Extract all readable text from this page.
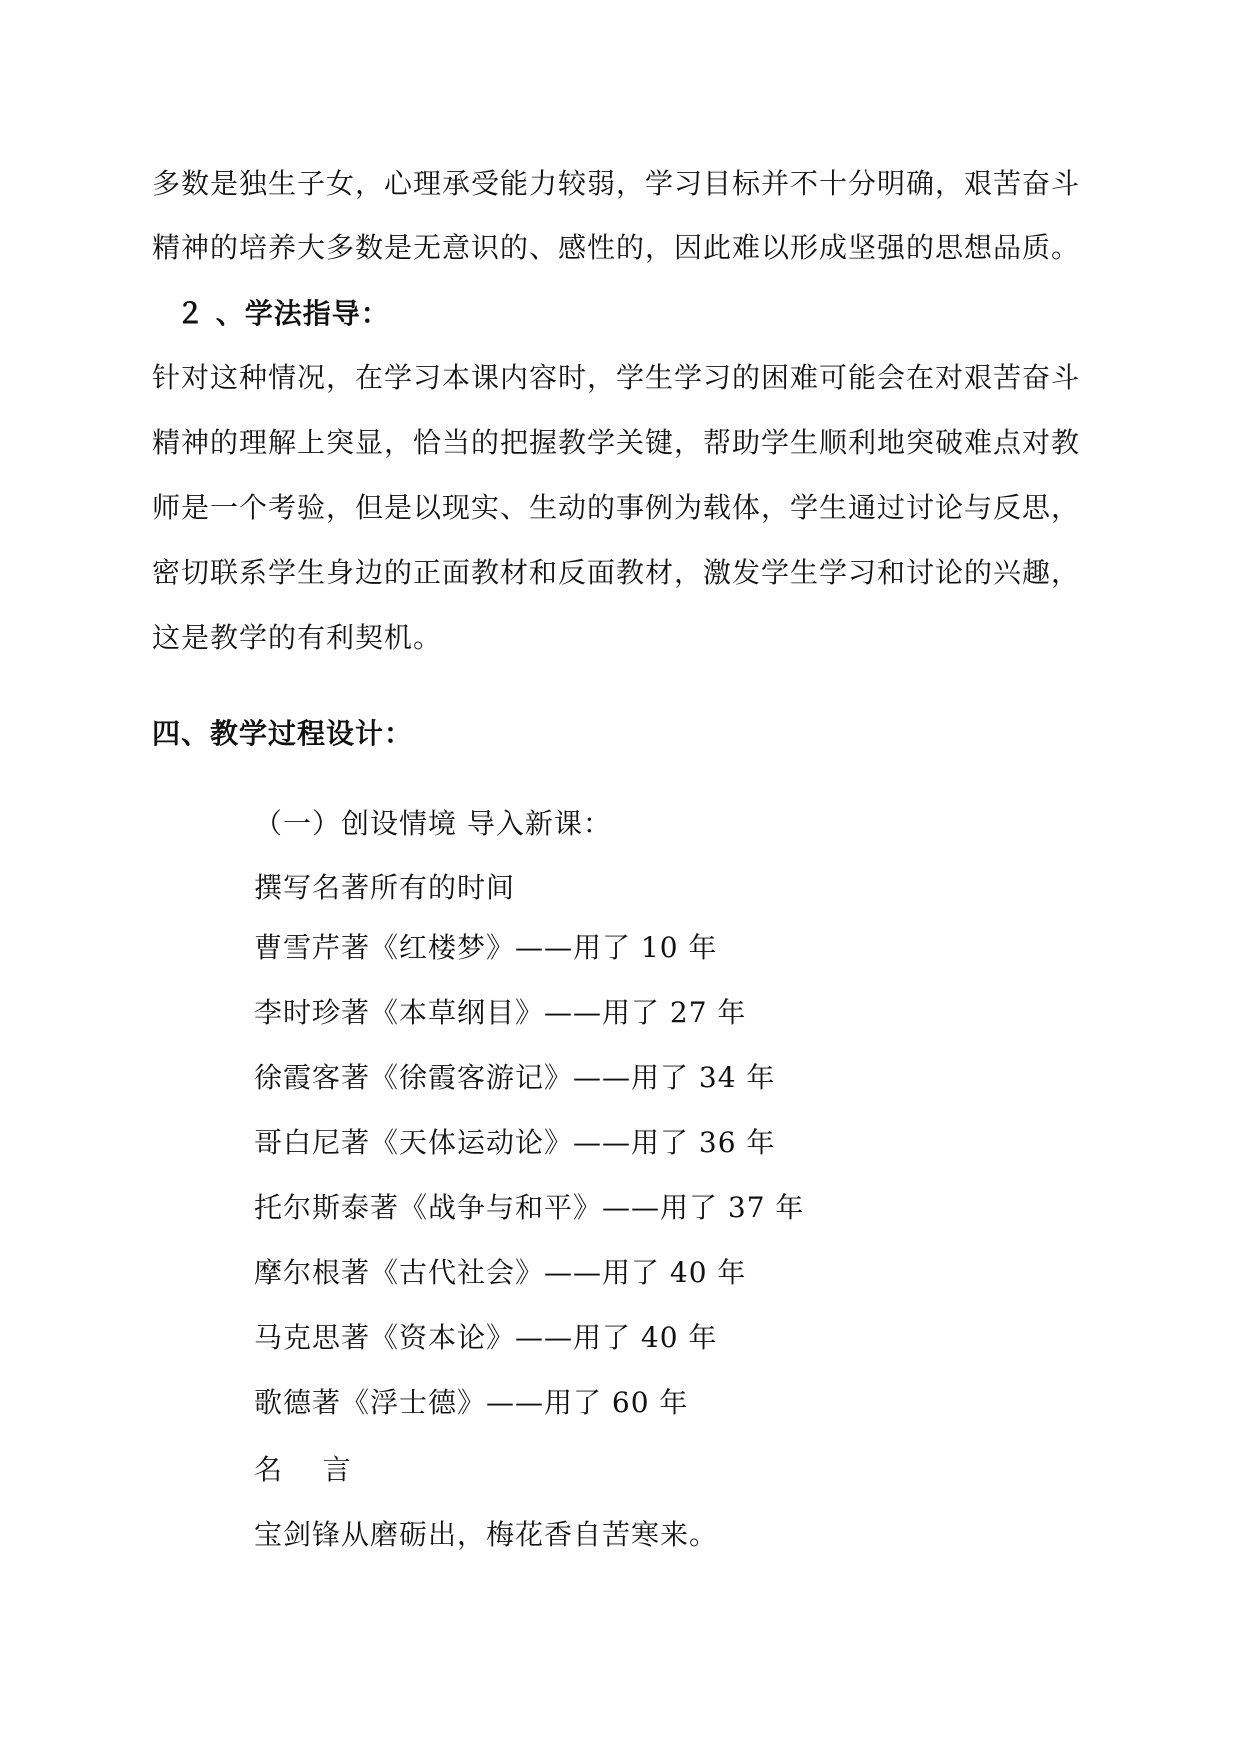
多数是独生子女，心理承受能力较弱，学习目标并不十分明确，艰苦奋斗
精神的培养大多数是无意识的、感性的，因此难以形成坚强的思想品质。
２ 、学法指导：
针对这种情况，在学习本课内容时，学生学习的困难可能会在对艰苦奋斗
精神的理解上突显，恰当的把握教学关键，帮助学生顺利地突破难点对教
师是一个考验，但是以现实、生动的事例为载体，学生通过讨论与反思，
密切联系学生身边的正面教材和反面教材，激发学生学习和讨论的兴趣，
这是教学的有利契机。
四、教学过程设计：
（一）创设情境 导入新课：
撰写名著所有的时间
曹雪芹著《红楼梦》——用了 10 年
李时珍著《本草纲目》——用了 27 年
徐霞客著《徐霞客游记》——用了 34 年
哥白尼著《天体运动论》——用了 36 年
托尔斯泰著《战争与和平》——用了 37 年
摩尔根著《古代社会》——用了 40 年
马克思著《资本论》——用了 40 年
歌德著《浮士德》——用了 60 年
名    言
宝剑锋从磨砺出，梅花香自苦寒来。
